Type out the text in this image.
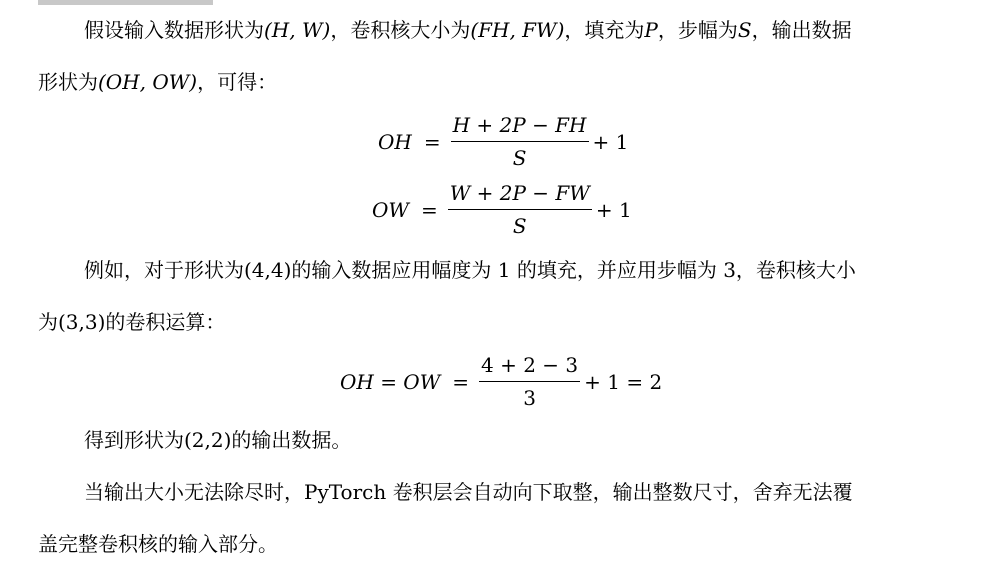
假设输入数据形状为(H, W)，卷积核大小为(FH, FW)，填充为P，步幅为S，输出数据

形状为(OH, OW)，可得：

OH = $\frac{H + 2P - FH}{S} + 1$
OW = $\frac{W + 2P - FW}{S} + 1$

例如，对于形状为(4,4)的输入数据应用幅度为 1 的填充，并应用步幅为 3，卷积核大小

为(3,3)的卷积运算：

OH = OW = $\frac{4 + 2 - 3}{3} + 1 = 2$

得到形状为(2,2)的输出数据。

当输出大小无法除尽时，PyTorch 卷积层会自动向下取整，输出整数尺寸，舍弃无法覆

盖完整卷积核的输入部分。
